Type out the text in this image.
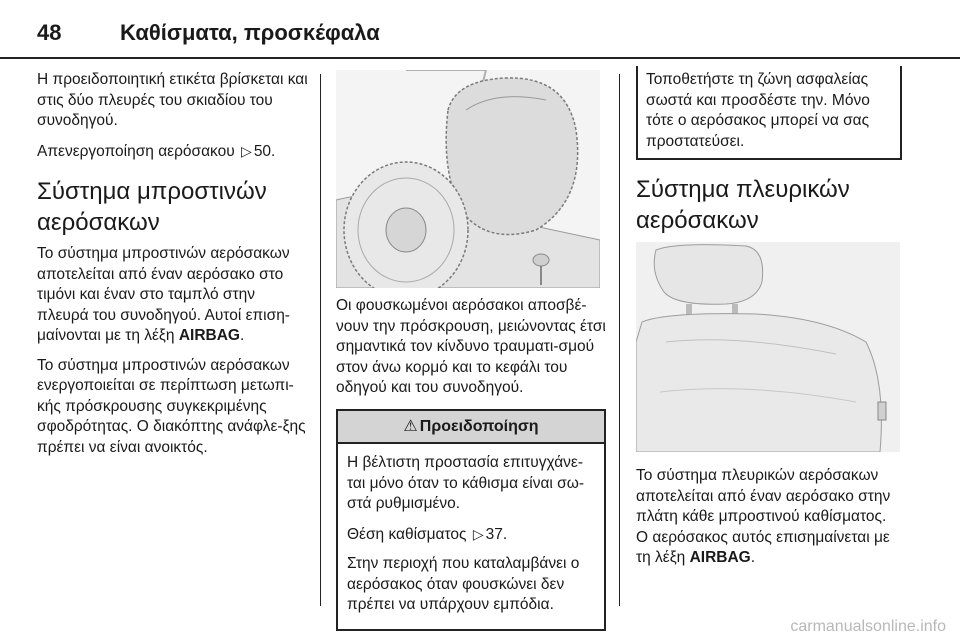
48	Καθίσματα, προσκέφαλα

Η προειδοποιητική ετικέτα βρίσκεται και στις δύο πλευρές του σκιαδίου του συνοδηγού.

Απενεργοποίηση αερόσακου ▷ 50.

Σύστημα μπροστινών αερόσακων

Το σύστημα μπροστινών αερόσακων αποτελείται από έναν αερόσακο στο τιμόνι και έναν στο ταμπλό στην πλευρά του συνοδηγού. Αυτοί επιση-μαίνονται με τη λέξη AIRBAG.

Το σύστημα μπροστινών αερόσακων ενεργοποιείται σε περίπτωση μετωπι-κής πρόσκρουσης συγκεκριμένης σφοδρότητας. Ο διακόπτης ανάφλε-ξης πρέπει να είναι ανοικτός.

Οι φουσκωμένοι αερόσακοι αποσβέ-νουν την πρόσκρουση, μειώνοντας έτσι σημαντικά τον κίνδυνο τραυματι-σμού στον άνω κορμό και το κεφάλι του οδηγού και του συνοδηγού.

⚠ Προειδοποίηση

Η βέλτιστη προστασία επιτυγχάνε-ται μόνο όταν το κάθισμα είναι σω-στά ρυθμισμένο.

Θέση καθίσματος ▷ 37.

Στην περιοχή που καταλαμβάνει ο αερόσακος όταν φουσκώνει δεν πρέπει να υπάρχουν εμπόδια.

Τοποθετήστε τη ζώνη ασφαλείας σωστά και προσδέστε την. Μόνο τότε ο αερόσακος μπορεί να σας προστατεύσει.

Σύστημα πλευρικών αερόσακων

Το σύστημα πλευρικών αερόσακων αποτελείται από έναν αερόσακο στην πλάτη κάθε μπροστινού καθίσματος. Ο αερόσακος αυτός επισημαίνεται με τη λέξη AIRBAG.

carmanualsonline.info
